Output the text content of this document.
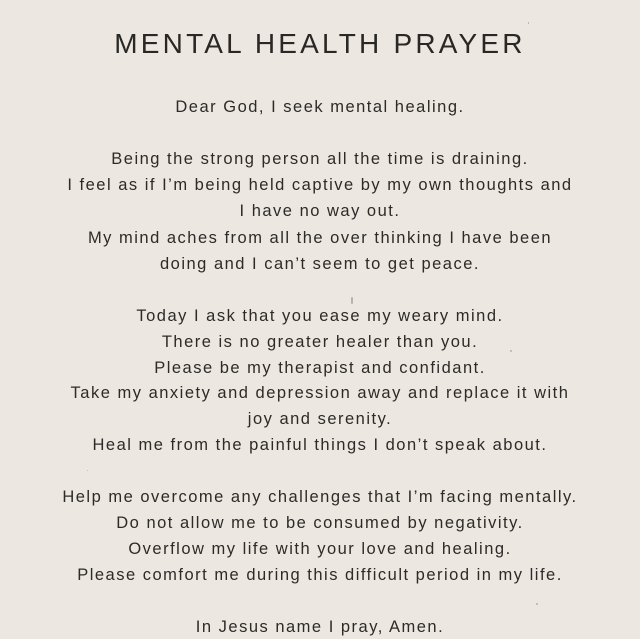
MENTAL HEALTH PRAYER

Dear God, I seek mental healing.

Being the strong person all the time is draining.

I feel as if I’m being held captive by my own thoughts and

I have no way out.

My mind aches from all the over thinking I have been

doing and I can’t seem to get peace.

Today I ask that you ease my weary mind.

There is no greater healer than you.

Please be my therapist and confidant.

Take my anxiety and depression away and replace it with

joy and serenity.

Heal me from the painful things I don’t speak about.

Help me overcome any challenges that I’m facing mentally.

Do not allow me to be consumed by negativity.

Overflow my life with your love and healing.

Please comfort me during this difficult period in my life.

In Jesus name I pray, Amen.
